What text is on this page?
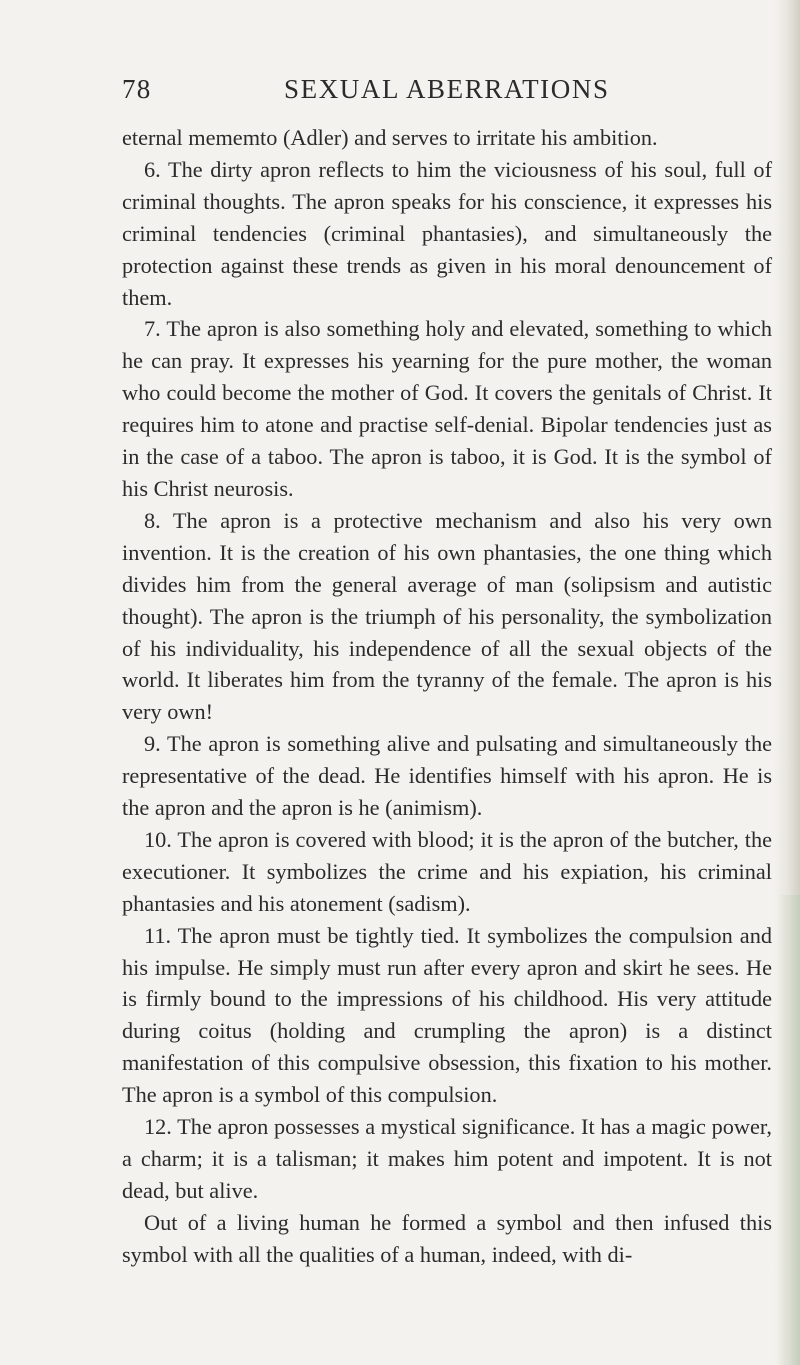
78	SEXUAL ABERRATIONS

eternal mememto (Adler) and serves to irritate his ambition.

6. The dirty apron reflects to him the viciousness of his soul, full of criminal thoughts. The apron speaks for his conscience, it expresses his criminal tendencies (criminal phantasies), and simultaneously the protection against these trends as given in his moral denouncement of them.

7. The apron is also something holy and elevated, something to which he can pray. It expresses his yearning for the pure mother, the woman who could become the mother of God. It covers the genitals of Christ. It requires him to atone and practise self-denial. Bipolar tendencies just as in the case of a taboo. The apron is taboo, it is God. It is the symbol of his Christ neurosis.

8. The apron is a protective mechanism and also his very own invention. It is the creation of his own phantasies, the one thing which divides him from the general average of man (solipsism and autistic thought). The apron is the triumph of his personality, the symbolization of his individuality, his independence of all the sexual objects of the world. It liberates him from the tyranny of the female. The apron is his very own!

9. The apron is something alive and pulsating and simultaneously the representative of the dead. He identifies himself with his apron. He is the apron and the apron is he (animism).

10. The apron is covered with blood; it is the apron of the butcher, the executioner. It symbolizes the crime and his expiation, his criminal phantasies and his atonement (sadism).

11. The apron must be tightly tied. It symbolizes the compulsion and his impulse. He simply must run after every apron and skirt he sees. He is firmly bound to the impressions of his childhood. His very attitude during coitus (holding and crumpling the apron) is a distinct manifestation of this compulsive obsession, this fixation to his mother. The apron is a symbol of this compulsion.

12. The apron possesses a mystical significance. It has a magic power, a charm; it is a talisman; it makes him potent and impotent. It is not dead, but alive.

Out of a living human he formed a symbol and then infused this symbol with all the qualities of a human, indeed, with di-
